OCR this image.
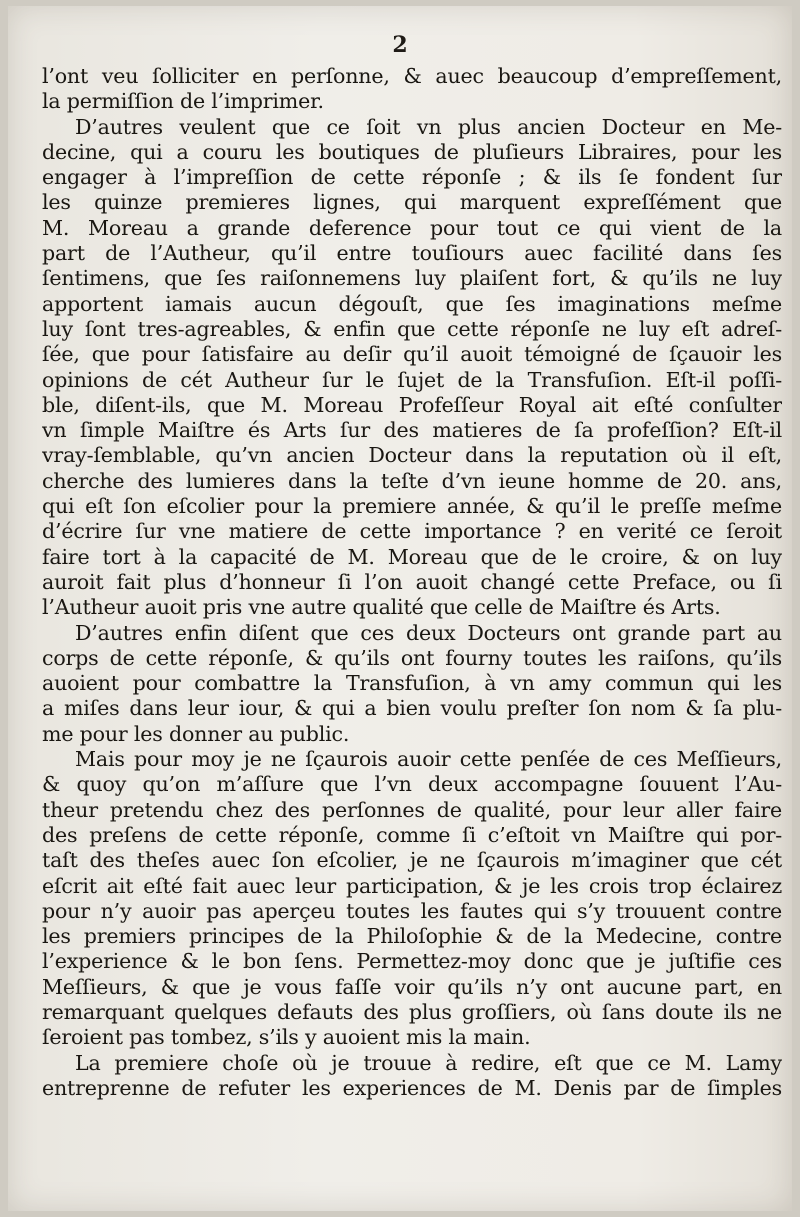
2
l’ont veu ſolliciter en perſonne, & auec beaucoup d’empreſſement,
la permiſſion de l’imprimer.
D’autres veulent que ce ſoit vn plus ancien Docteur en Me-
decine, qui a couru les boutiques de pluſieurs Libraires, pour les
engager à l’impreſſion de cette réponſe ; & ils ſe fondent ſur
les quinze premieres lignes, qui marquent expreſſément que
M. Moreau a grande deference pour tout ce qui vient de la
part de l’Autheur, qu’il entre touſiours auec facilité dans ſes
ſentimens, que ſes raiſonnemens luy plaiſent fort, & qu’ils ne luy
apportent iamais aucun dégouſt, que ſes imaginations meſme
luy ſont tres-agreables, & enfin que cette réponſe ne luy eſt adreſ-
ſée, que pour ſatisfaire au deſir qu’il auoit témoigné de ſçauoir les
opinions de cét Autheur ſur le ſujet de la Transfuſion. Eſt-il poſſi-
ble, diſent-ils, que M. Moreau Profeſſeur Royal ait eſté conſulter
vn ſimple Maiſtre és Arts ſur des matieres de ſa profeſſion? Eſt-il
vray-ſemblable, qu’vn ancien Docteur dans la reputation où il eſt,
cherche des lumieres dans la teſte d’vn ieune homme de 20. ans,
qui eſt ſon eſcolier pour la premiere année, & qu’il le preſſe meſme
d’écrire ſur vne matiere de cette importance ? en verité ce ſeroit
faire tort à la capacité de M. Moreau que de le croire, & on luy
auroit fait plus d’honneur ſi l’on auoit changé cette Preface, ou ſi
l’Autheur auoit pris vne autre qualité que celle de Maiſtre és Arts.
D’autres enfin diſent que ces deux Docteurs ont grande part au
corps de cette réponſe, & qu’ils ont fourny toutes les raiſons, qu’ils
auoient pour combattre la Transfuſion, à vn amy commun qui les
a miſes dans leur iour, & qui a bien voulu preſter ſon nom & ſa plu-
me pour les donner au public.
Mais pour moy je ne ſçaurois auoir cette penſée de ces Meſſieurs,
& quoy qu’on m’aſſure que l’vn deux accompagne ſouuent l’Au-
theur pretendu chez des perſonnes de qualité, pour leur aller faire
des preſens de cette réponſe, comme ſi c’eſtoit vn Maiſtre qui por-
taſt des theſes auec ſon eſcolier, je ne ſçaurois m’imaginer que cét
eſcrit ait eſté fait auec leur participation, & je les crois trop éclairez
pour n’y auoir pas aperçeu toutes les fautes qui s’y trouuent contre
les premiers principes de la Philoſophie & de la Medecine, contre
l’experience & le bon ſens. Permettez-moy donc que je juſtifie ces
Meſſieurs, & que je vous faſſe voir qu’ils n’y ont aucune part, en
remarquant quelques defauts des plus groſſiers, où ſans doute ils ne
ſeroient pas tombez, s’ils y auoient mis la main.
La premiere choſe où je trouue à redire, eſt que ce M. Lamy
entreprenne de refuter les experiences de M. Denis par de ſimples
